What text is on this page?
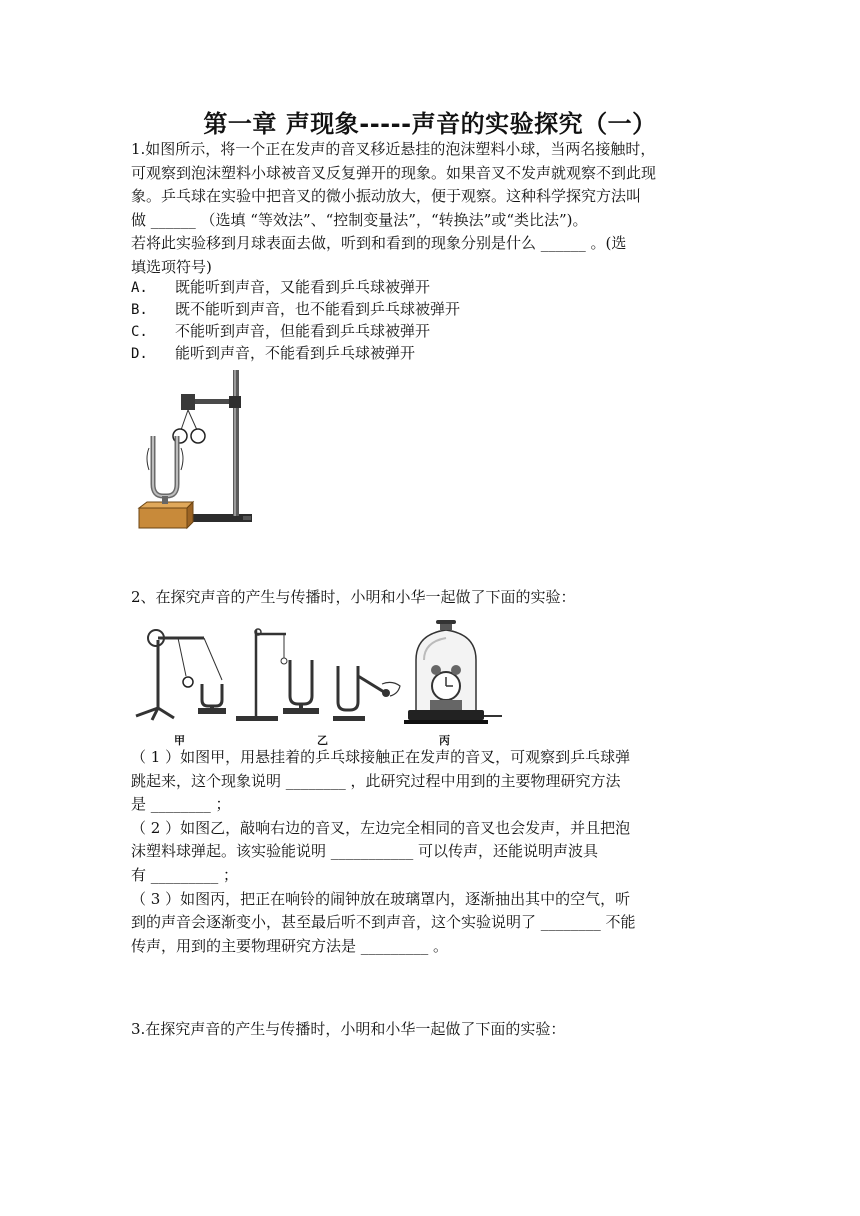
第一章 声现象-----声音的实验探究（一）
1.如图所示，将一个正在发声的音叉移近悬挂的泡沫塑料小球，当两名接触时，
可观察到泡沫塑料小球被音叉反复弹开的现象。如果音叉不发声就观察不到此现
象。乒乓球在实验中把音叉的微小振动放大，便于观察。这种科学探究方法叫
做 ______ （选填 “等效法”、“控制变量法”，“转换法”或“类比法”)。
若将此实验移到月球表面去做，听到和看到的现象分别是什么 ______ 。(选
填选项符号)
A. 既能听到声音，又能看到乒乓球被弹开
B. 既不能听到声音，也不能看到乒乓球被弹开
C. 不能听到声音，但能看到乒乓球被弹开
D. 能听到声音，不能看到乒乓球被弹开
2、在探究声音的产生与传播时，小明和小华一起做了下面的实验：
甲	乙	丙
（ 1 ）如图甲，用悬挂着的乒乓球接触正在发声的音叉，可观察到乒乓球弹
跳起来，这个现象说明 ________ ，此研究过程中用到的主要物理研究方法
是 ________ ；
（ 2 ）如图乙，敲响右边的音叉，左边完全相同的音叉也会发声，并且把泡
沫塑料球弹起。该实验能说明 ___________ 可以传声，还能说明声波具
有 _________ ；
（ 3 ）如图丙，把正在响铃的闹钟放在玻璃罩内，逐渐抽出其中的空气，听
到的声音会逐渐变小，甚至最后听不到声音，这个实验说明了 ________ 不能
传声，用到的主要物理研究方法是 _________ 。
3.在探究声音的产生与传播时，小明和小华一起做了下面的实验：
